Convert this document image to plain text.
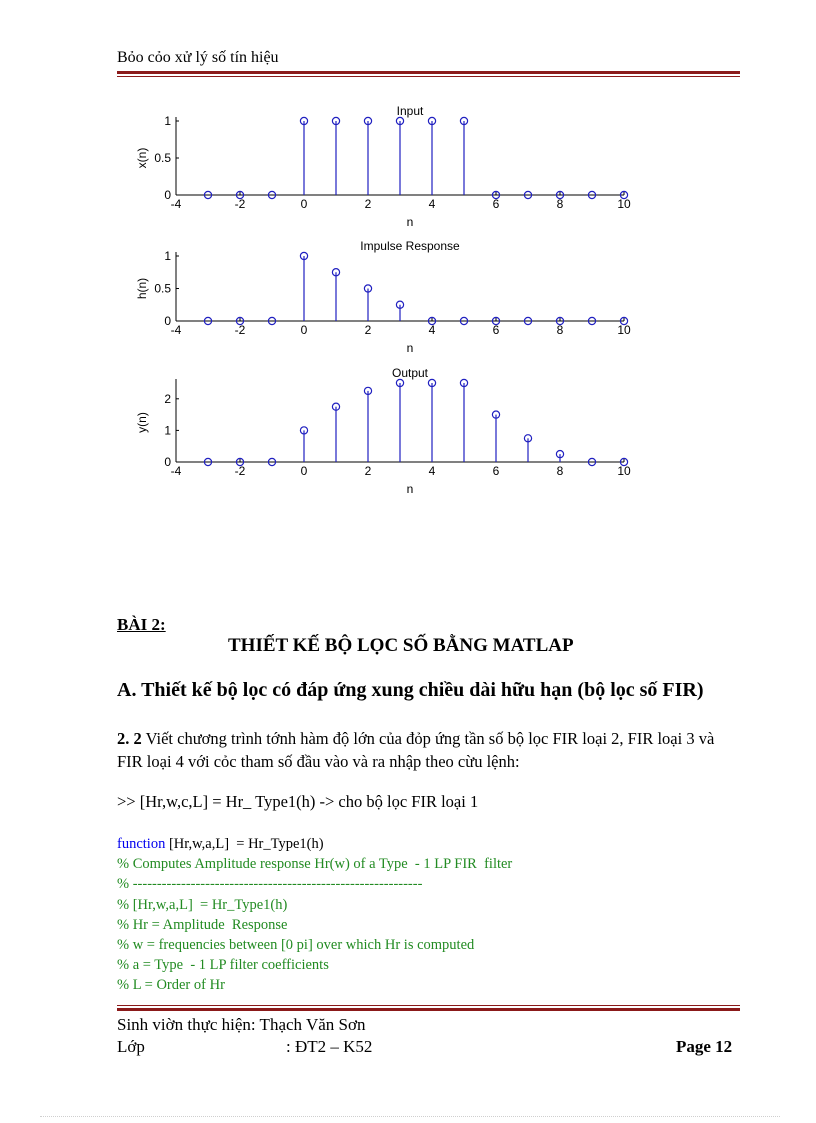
Bỏo cỏo xử lý số tín hiệu
-4	-2	0	2	4	6	8	10
0
0.5
1
Input
n
x(n)
-4	-2	0	2	4	6	8	10
0
0.5
1
Impulse Response
n
h(n)
-4	-2	0	2	4	6	8	10
0
1
2
Output
n
y(n)
BÀI 2:
THIẾT KẾ BỘ LỌC SỐ BẰNG MATLAP
A. Thiết kế bộ lọc có đáp ứng xung chiều dài hữu hạn (bộ lọc số FIR)
2. 2 Viết chương trình tớnh hàm độ lớn của đỏp ứng tần số bộ lọc FIR loại 2, FIR loại 3 và FIR loại 4 với cỏc tham số đầu vào và ra nhập theo cừu lệnh:
>> [Hr,w,c,L] = Hr_ Type1(h) -> cho bộ lọc FIR loại 1
function [Hr,w,a,L]  = Hr_Type1(h)
% Computes Amplitude response Hr(w) of a Type  - 1 LP FIR  filter
% ------------------------------------------------------------
% [Hr,w,a,L]  = Hr_Type1(h)
% Hr = Amplitude  Response
% w = frequencies between [0 pi] over which Hr is computed
% a = Type  - 1 LP filter coefficients
% L = Order of Hr
Sinh viờn thực hiện: Thạch Văn Sơn
Lớp	: ĐT2 – K52	Page 12
